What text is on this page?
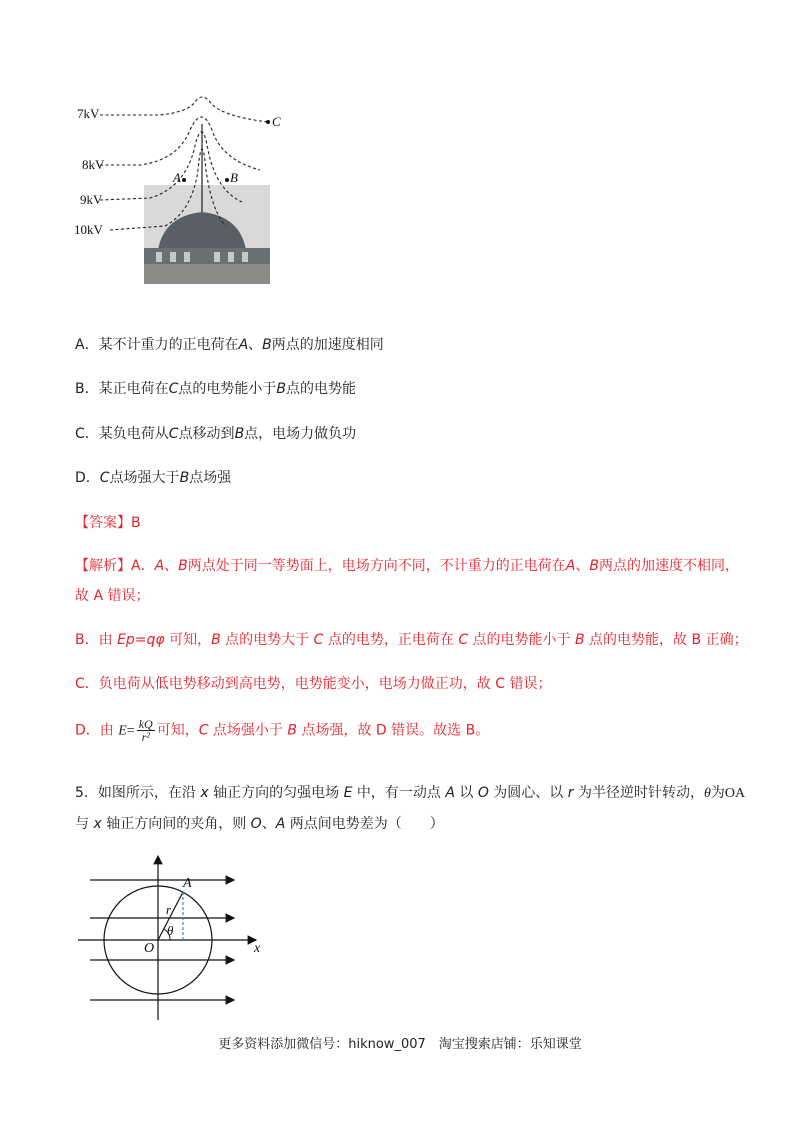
7kV
8kV
9kV
10kV
C
A	B
A．某不计重力的正电荷在A、B两点的加速度相同
B．某正电荷在C点的电势能小于B点的电势能
C．某负电荷从C点移动到B点，电场力做负功
D．C点场强大于B点场强
【答案】B
【解析】A．A、B两点处于同一等势面上，电场方向不同，不计重力的正电荷在A、B两点的加速度不相同，
故 A 错误；
B．由 Ep=qφ 可知，B 点的电势大于 C 点的电势，正电荷在 C 点的电势能小于 B 点的电势能，故 B 正确；
C．负电荷从低电势移动到高电势，电势能变小，电场力做正功，故 C 错误；
D．由 $E= \frac{kQ}{\text{r²}}$ 可知，C 点场强小于 B 点场强，故 D 错误。故选 B。
5．如图所示，在沿 x 轴正方向的匀强电场 E 中，有一动点 A 以 O 为圆心、以 r 为半径逆时针转动，θ为OA
与 x 轴正方向间的夹角，则 O、A 两点间电势差为（　　）
A
r
θ
O	x
更多资料添加微信号：hiknow_007　淘宝搜索店铺：乐知课堂
